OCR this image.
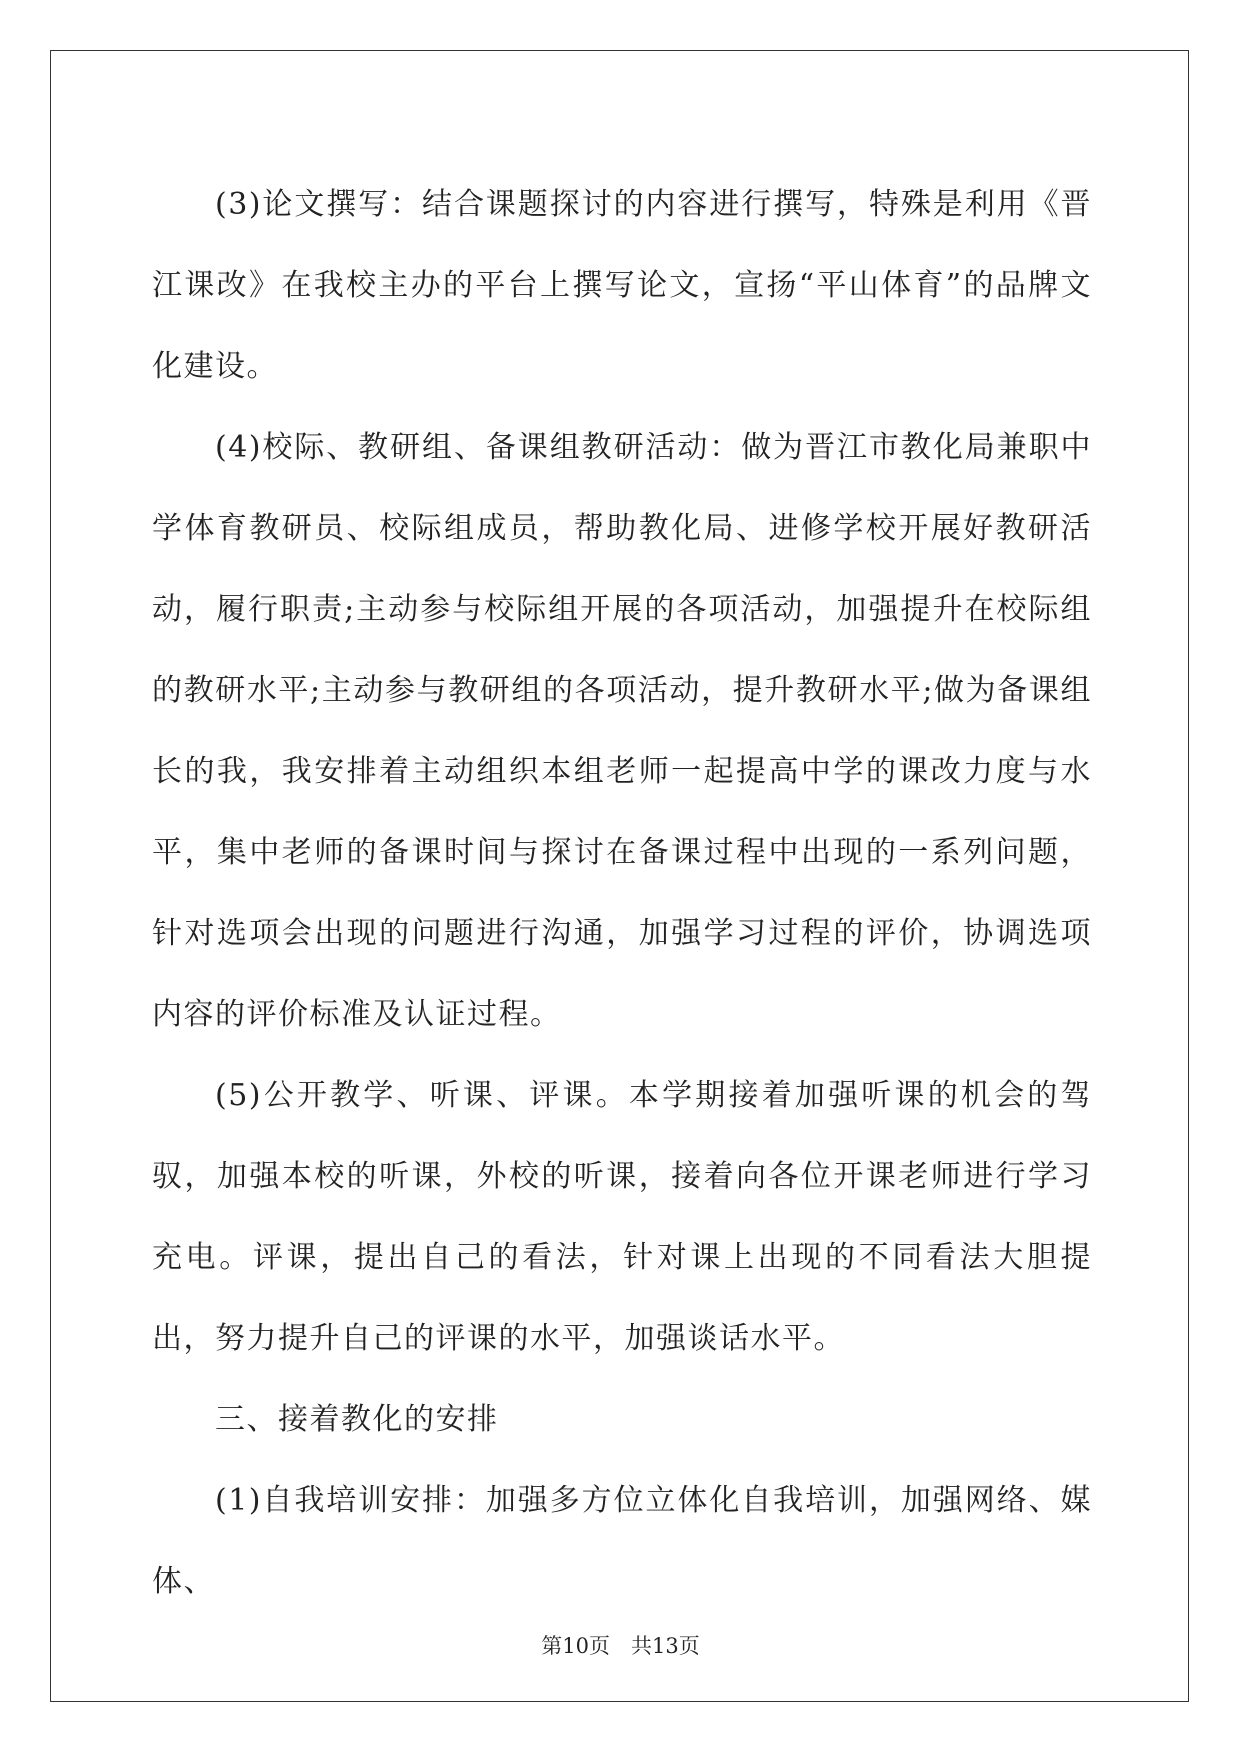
(3)论文撰写：结合课题探讨的内容进行撰写，特殊是利用《晋江课改》在我校主办的平台上撰写论文，宣扬“平山体育”的品牌文化建设。

(4)校际、教研组、备课组教研活动：做为晋江市教化局兼职中学体育教研员、校际组成员，帮助教化局、进修学校开展好教研活动，履行职责;主动参与校际组开展的各项活动，加强提升在校际组的教研水平;主动参与教研组的各项活动，提升教研水平;做为备课组长的我，我安排着主动组织本组老师一起提高中学的课改力度与水平，集中老师的备课时间与探讨在备课过程中出现的一系列问题，针对选项会出现的问题进行沟通，加强学习过程的评价，协调选项内容的评价标准及认证过程。

(5)公开教学、听课、评课。本学期接着加强听课的机会的驾驭，加强本校的听课，外校的听课，接着向各位开课老师进行学习充电。评课，提出自己的看法，针对课上出现的不同看法大胆提出，努力提升自己的评课的水平，加强谈话水平。

三、接着教化的安排

(1)自我培训安排：加强多方位立体化自我培训，加强网络、媒体、

第10页　共13页
